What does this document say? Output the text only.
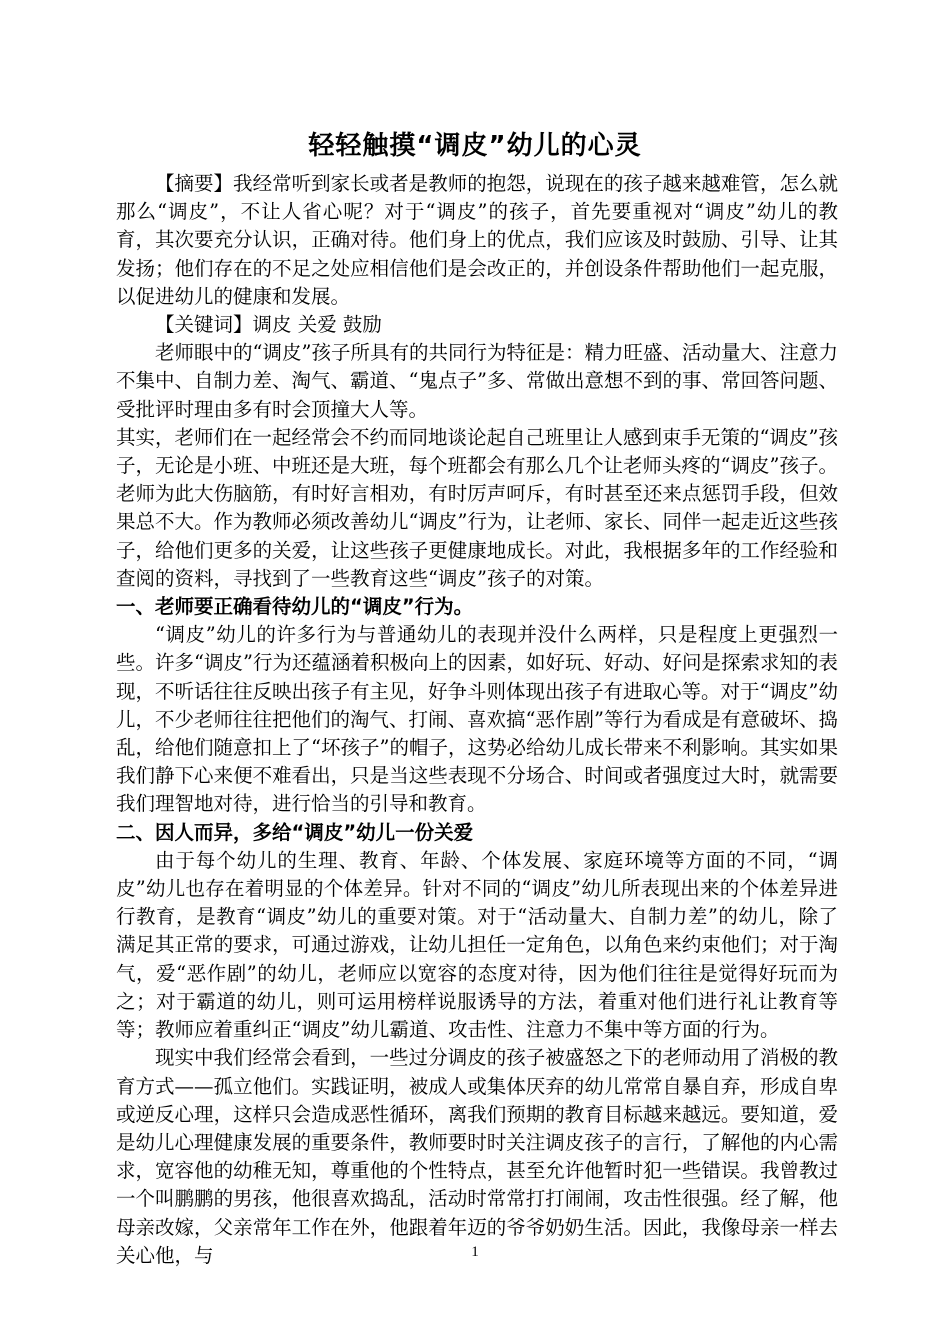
轻轻触摸“调皮”幼儿的心灵

【摘要】我经常听到家长或者是教师的抱怨，说现在的孩子越来越难管，怎么就那么“调皮”，不让人省心呢？对于“调皮”的孩子，首先要重视对“调皮”幼儿的教育，其次要充分认识，正确对待。他们身上的优点，我们应该及时鼓励、引导、让其发扬；他们存在的不足之处应相信他们是会改正的，并创设条件帮助他们一起克服，以促进幼儿的健康和发展。

【关键词】调皮 关爱 鼓励

老师眼中的“调皮”孩子所具有的共同行为特征是：精力旺盛、活动量大、注意力不集中、自制力差、淘气、霸道、“鬼点子”多、常做出意想不到的事、常回答问题、受批评时理由多有时会顶撞大人等。

其实，老师们在一起经常会不约而同地谈论起自己班里让人感到束手无策的“调皮”孩子，无论是小班、中班还是大班，每个班都会有那么几个让老师头疼的“调皮”孩子。老师为此大伤脑筋，有时好言相劝，有时厉声呵斥，有时甚至还来点惩罚手段，但效果总不大。作为教师必须改善幼儿“调皮”行为，让老师、家长、同伴一起走近这些孩子，给他们更多的关爱，让这些孩子更健康地成长。对此，我根据多年的工作经验和查阅的资料，寻找到了一些教育这些“调皮”孩子的对策。

一、老师要正确看待幼儿的“调皮”行为。

“调皮”幼儿的许多行为与普通幼儿的表现并没什么两样，只是程度上更强烈一些。许多“调皮”行为还蕴涵着积极向上的因素，如好玩、好动、好问是探索求知的表现，不听话往往反映出孩子有主见，好争斗则体现出孩子有进取心等。对于“调皮”幼儿，不少老师往往把他们的淘气、打闹、喜欢搞“恶作剧”等行为看成是有意破坏、捣乱，给他们随意扣上了“坏孩子”的帽子，这势必给幼儿成长带来不利影响。其实如果我们静下心来便不难看出，只是当这些表现不分场合、时间或者强度过大时，就需要我们理智地对待，进行恰当的引导和教育。

二、因人而异，多给“调皮”幼儿一份关爱

由于每个幼儿的生理、教育、年龄、个体发展、家庭环境等方面的不同，“调皮”幼儿也存在着明显的个体差异。针对不同的“调皮”幼儿所表现出来的个体差异进行教育，是教育“调皮”幼儿的重要对策。对于“活动量大、自制力差”的幼儿，除了满足其正常的要求，可通过游戏，让幼儿担任一定角色，以角色来约束他们；对于淘气，爱“恶作剧”的幼儿，老师应以宽容的态度对待，因为他们往往是觉得好玩而为之；对于霸道的幼儿，则可运用榜样说服诱导的方法，着重对他们进行礼让教育等等；教师应着重纠正“调皮”幼儿霸道、攻击性、注意力不集中等方面的行为。

现实中我们经常会看到，一些过分调皮的孩子被盛怒之下的老师动用了消极的教育方式——孤立他们。实践证明，被成人或集体厌弃的幼儿常常自暴自弃，形成自卑或逆反心理，这样只会造成恶性循环，离我们预期的教育目标越来越远。要知道，爱是幼儿心理健康发展的重要条件，教师要时时关注调皮孩子的言行，了解他的内心需求，宽容他的幼稚无知，尊重他的个性特点，甚至允许他暂时犯一些错误。我曾教过一个叫鹏鹏的男孩，他很喜欢捣乱，活动时常常打打闹闹，攻击性很强。经了解，他母亲改嫁，父亲常年工作在外，他跟着年迈的爷爷奶奶生活。因此，我像母亲一样去关心他，与	1
